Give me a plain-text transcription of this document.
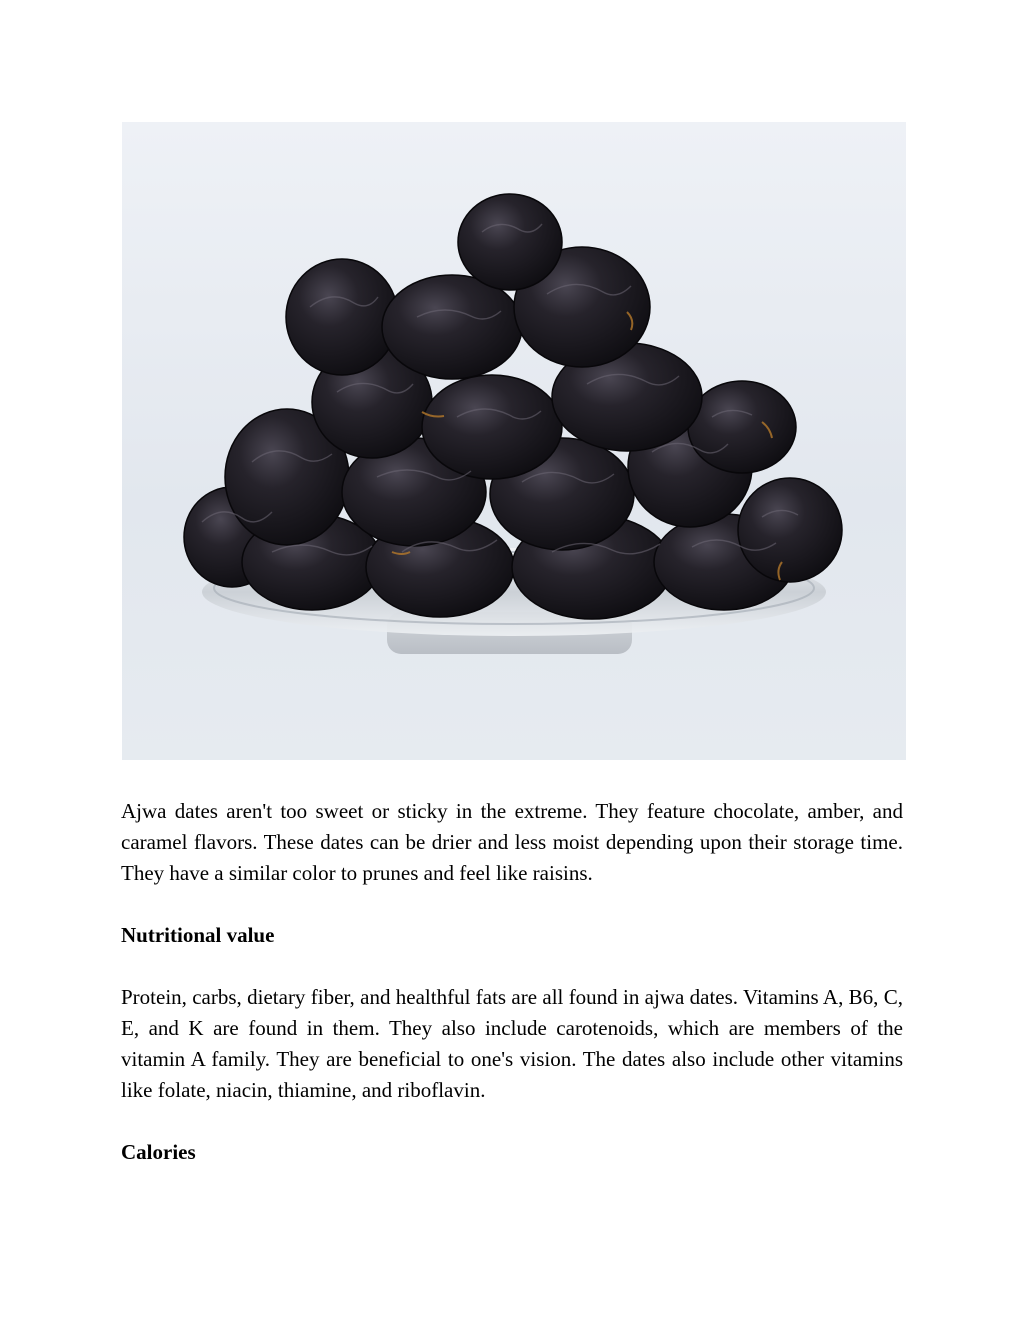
Ajwa dates aren't too sweet or sticky in the extreme. They feature chocolate, amber, and caramel flavors. These dates can be drier and less moist depending upon their storage time. They have a similar color to prunes and feel like raisins.

Nutritional value

Protein, carbs, dietary fiber, and healthful fats are all found in ajwa dates. Vitamins A, B6, C, E, and K are found in them. They also include carotenoids, which are members of the vitamin A family. They are beneficial to one's vision. The dates also include other vitamins like folate, niacin, thiamine, and riboflavin.

Calories
